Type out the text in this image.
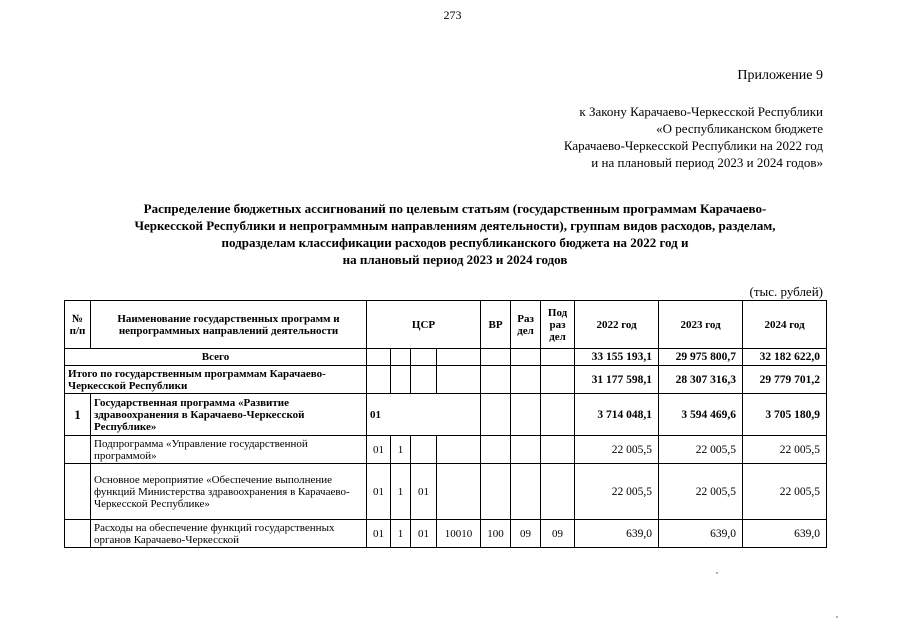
273
Приложение 9
к Закону Карачаево-Черкесской Республики
«О республиканском бюджете
Карачаево-Черкесской Республики на 2022 год
и на плановый период 2023 и 2024 годов»
Распределение бюджетных ассигнований по целевым статьям (государственным программам Карачаево-
Черкесской Республики и непрограммным направлениям деятельности), группам видов расходов, разделам,
подразделам классификации расходов республиканского бюджета на 2022 год и
на плановый период 2023 и 2024 годов
(тыс. рублей)
№ п/п	Наименование государственных программ и непрограммных направлений деятельности	ЦСР				ВР	Раз дел	Под раз дел	2022 год	2023 год	2024 год
Всего									33 155 193,1	29 975 800,7	32 182 622,0
Итого по государственным программам Карачаево-Черкесской Республики									31 177 598,1	28 307 316,3	29 779 701,2
1	Государственная программа «Развитие здравоохранения в Карачаево-Черкесской Республике»	01							3 714 048,1	3 594 469,6	3 705 180,9
	Подпрограмма «Управление государственной программой»	01	1						22 005,5	22 005,5	22 005,5
	Основное мероприятие «Обеспечение выполнение функций Министерства здравоохранения в Карачаево-Черкесской Республике»	01	1	01					22 005,5	22 005,5	22 005,5
	Расходы на обеспечение функций государственных органов Карачаево-Черкесской	01	1	01	10010	100	09	09	639,0	639,0	639,0
